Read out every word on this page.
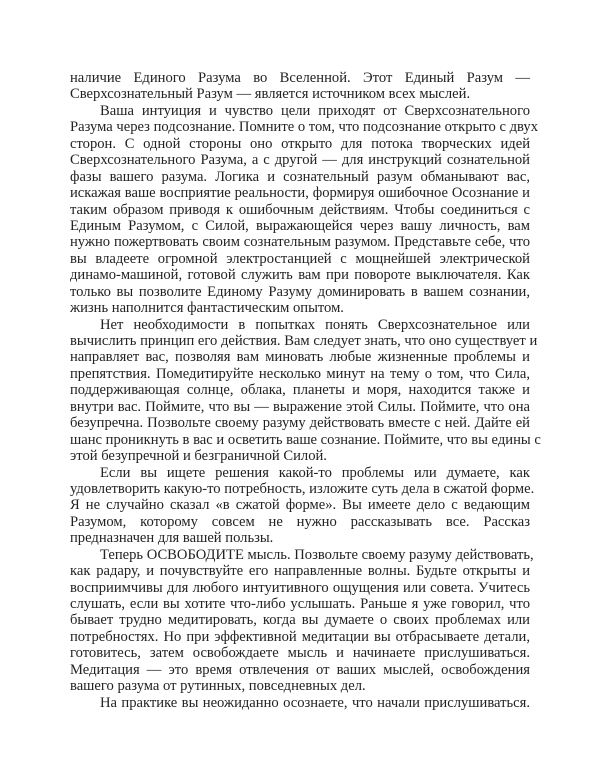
наличие Единого Разума во Вселенной. Этот Единый Разум —
Сверхсознательный Разум — является источником всех мыслей.
Ваша интуиция и чувство цели приходят от Сверхсознательного
Разума через подсознание. Помните о том, что подсознание открыто с двух
сторон. С одной стороны оно открыто для потока творческих идей
Сверхсознательного Разума, а с другой — для инструкций сознательной
фазы вашего разума. Логика и сознательный разум обманывают вас,
искажая ваше восприятие реальности, формируя ошибочное Осознание и
таким образом приводя к ошибочным действиям. Чтобы соединиться с
Единым Разумом, с Силой, выражающейся через вашу личность, вам
нужно пожертвовать своим сознательным разумом. Представьте себе, что
вы владеете огромной электростанцией с мощнейшей электрической
динамо-машиной, готовой служить вам при повороте выключателя. Как
только вы позволите Единому Разуму доминировать в вашем сознании,
жизнь наполнится фантастическим опытом.
Нет необходимости в попытках понять Сверхсознательное или
вычислить принцип его действия. Вам следует знать, что оно существует и
направляет вас, позволяя вам миновать любые жизненные проблемы и
препятствия. Помедитируйте несколько минут на тему о том, что Сила,
поддерживающая солнце, облака, планеты и моря, находится также и
внутри вас. Поймите, что вы — выражение этой Силы. Поймите, что она
безупречна. Позвольте своему разуму действовать вместе с ней. Дайте ей
шанс проникнуть в вас и осветить ваше сознание. Поймите, что вы едины с
этой безупречной и безграничной Силой.
Если вы ищете решения какой-то проблемы или думаете, как
удовлетворить какую-то потребность, изложите суть дела в сжатой форме.
Я не случайно сказал «в сжатой форме». Вы имеете дело с ведающим
Разумом, которому совсем не нужно рассказывать все. Рассказ
предназначен для вашей пользы.
Теперь ОСВОБОДИТЕ мысль. Позвольте своему разуму действовать,
как радару, и почувствуйте его направленные волны. Будьте открыты и
восприимчивы для любого интуитивного ощущения или совета. Учитесь
слушать, если вы хотите что-либо услышать. Раньше я уже говорил, что
бывает трудно медитировать, когда вы думаете о своих проблемах или
потребностях. Но при эффективной медитации вы отбрасываете детали,
готовитесь, затем освобождаете мысль и начинаете прислушиваться.
Медитация — это время отвлечения от ваших мыслей, освобождения
вашего разума от рутинных, повседневных дел.
На практике вы неожиданно осознаете, что начали прислушиваться.
